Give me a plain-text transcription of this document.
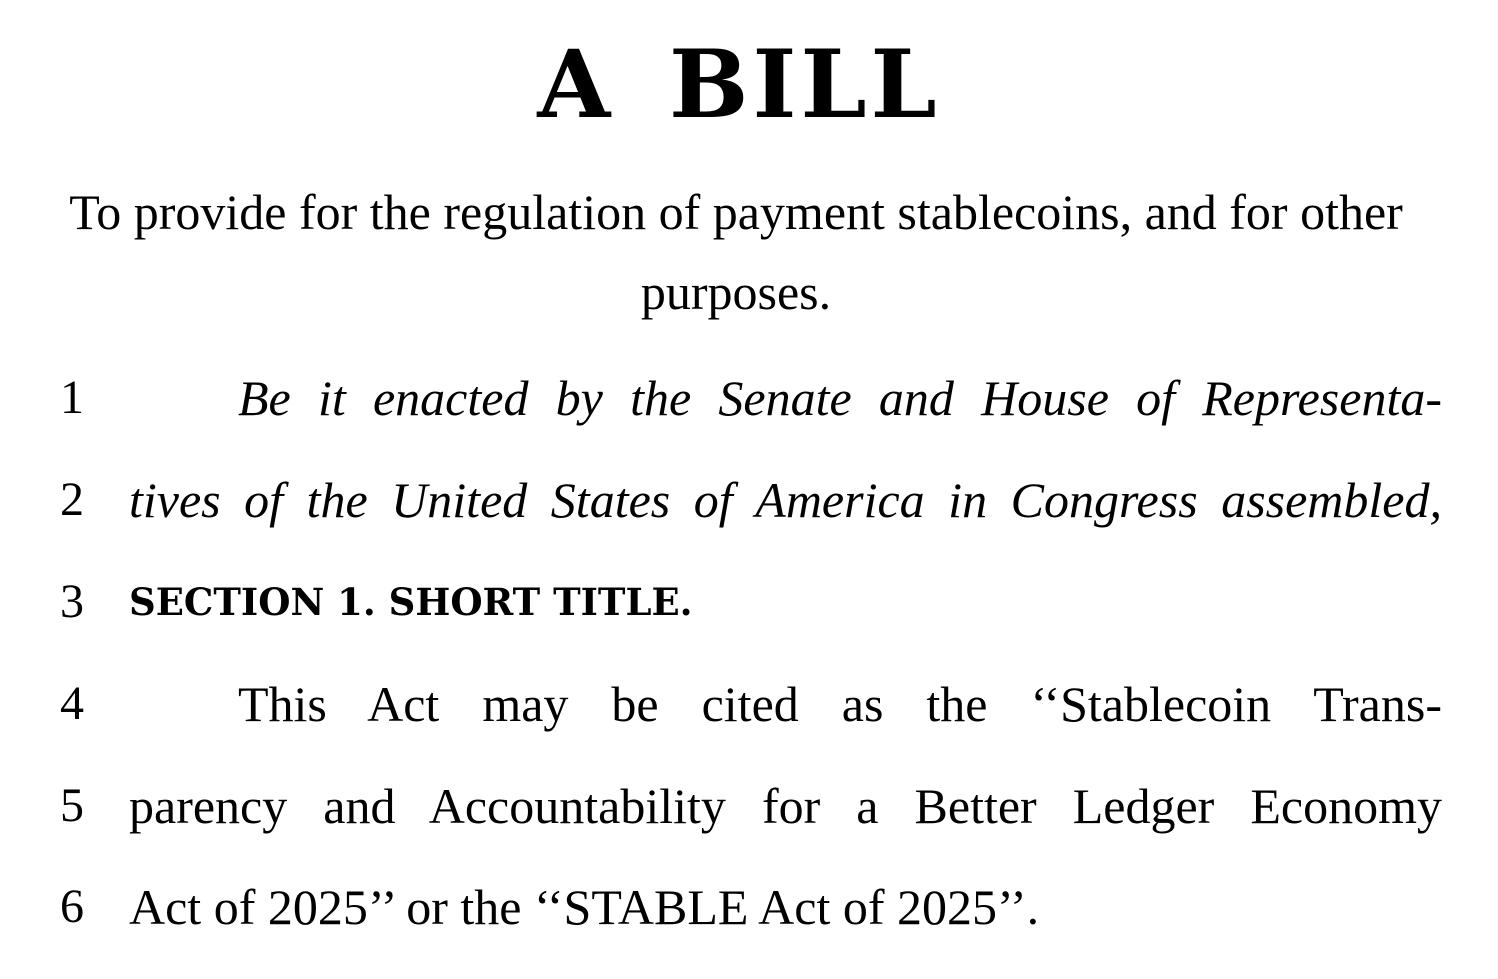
A BILL

To provide for the regulation of payment stablecoins, and for other purposes.

1	Be it enacted by the Senate and House of Representa-
2 tives of the United States of America in Congress assembled,
3	SECTION 1. SHORT TITLE.
4	This Act may be cited as the ‘‘Stablecoin Trans-
5 parency and Accountability for a Better Ledger Economy
6 Act of 2025’’ or the ‘‘STABLE Act of 2025’’.
